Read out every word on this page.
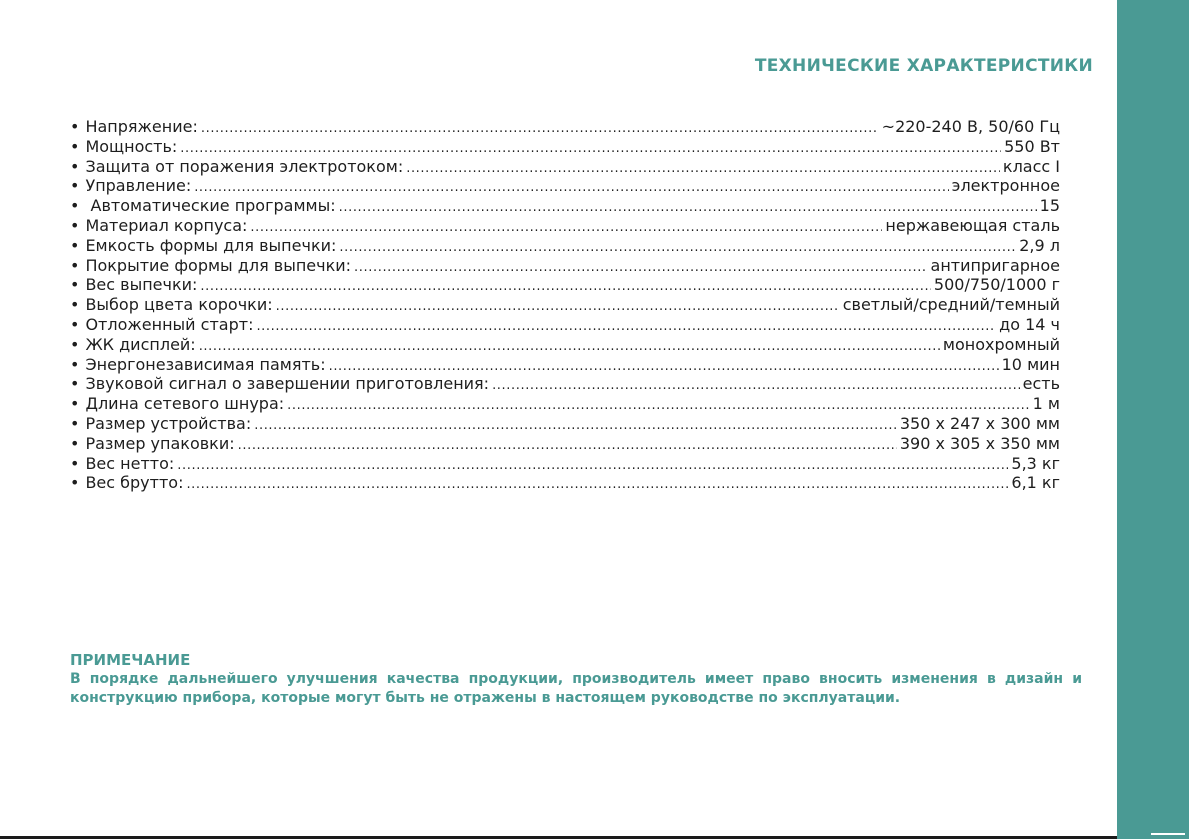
ТЕХНИЧЕСКИЕ ХАРАКТЕРИСТИКИ
• Напряжение: .....	~220-240 В, 50/60 Гц
• Мощность: .....	550 Вт
• Защита от поражения электротоком: .....	класс I
• Управление: .....	электронное
• Автоматические программы: .....	15
• Материал корпуса: .....	нержавеющая сталь
• Емкость формы для выпечки: .....	2,9 л
• Покрытие формы для выпечки: .....	антипригарное
• Вес выпечки: .....	500/750/1000 г
• Выбор цвета корочки: .....	светлый/средний/темный
• Отложенный старт: .....	до 14 ч
• ЖК дисплей: .....	монохромный
• Энергонезависимая память: .....	10 мин
• Звуковой сигнал о завершении приготовления: .....	есть
• Длина сетевого шнура: .....	1 м
• Размер устройства: .....	350 х 247 х 300 мм
• Размер упаковки: .....	390 х 305 х 350 мм
• Вес нетто: .....	5,3 кг
• Вес брутто: .....	6,1 кг
ПРИМЕЧАНИЕ

В порядке дальнейшего улучшения качества продукции, производитель имеет право вносить изменения в дизайн и конструкцию прибора, которые могут быть не отражены в настоящем руководстве по эксплуатации.
